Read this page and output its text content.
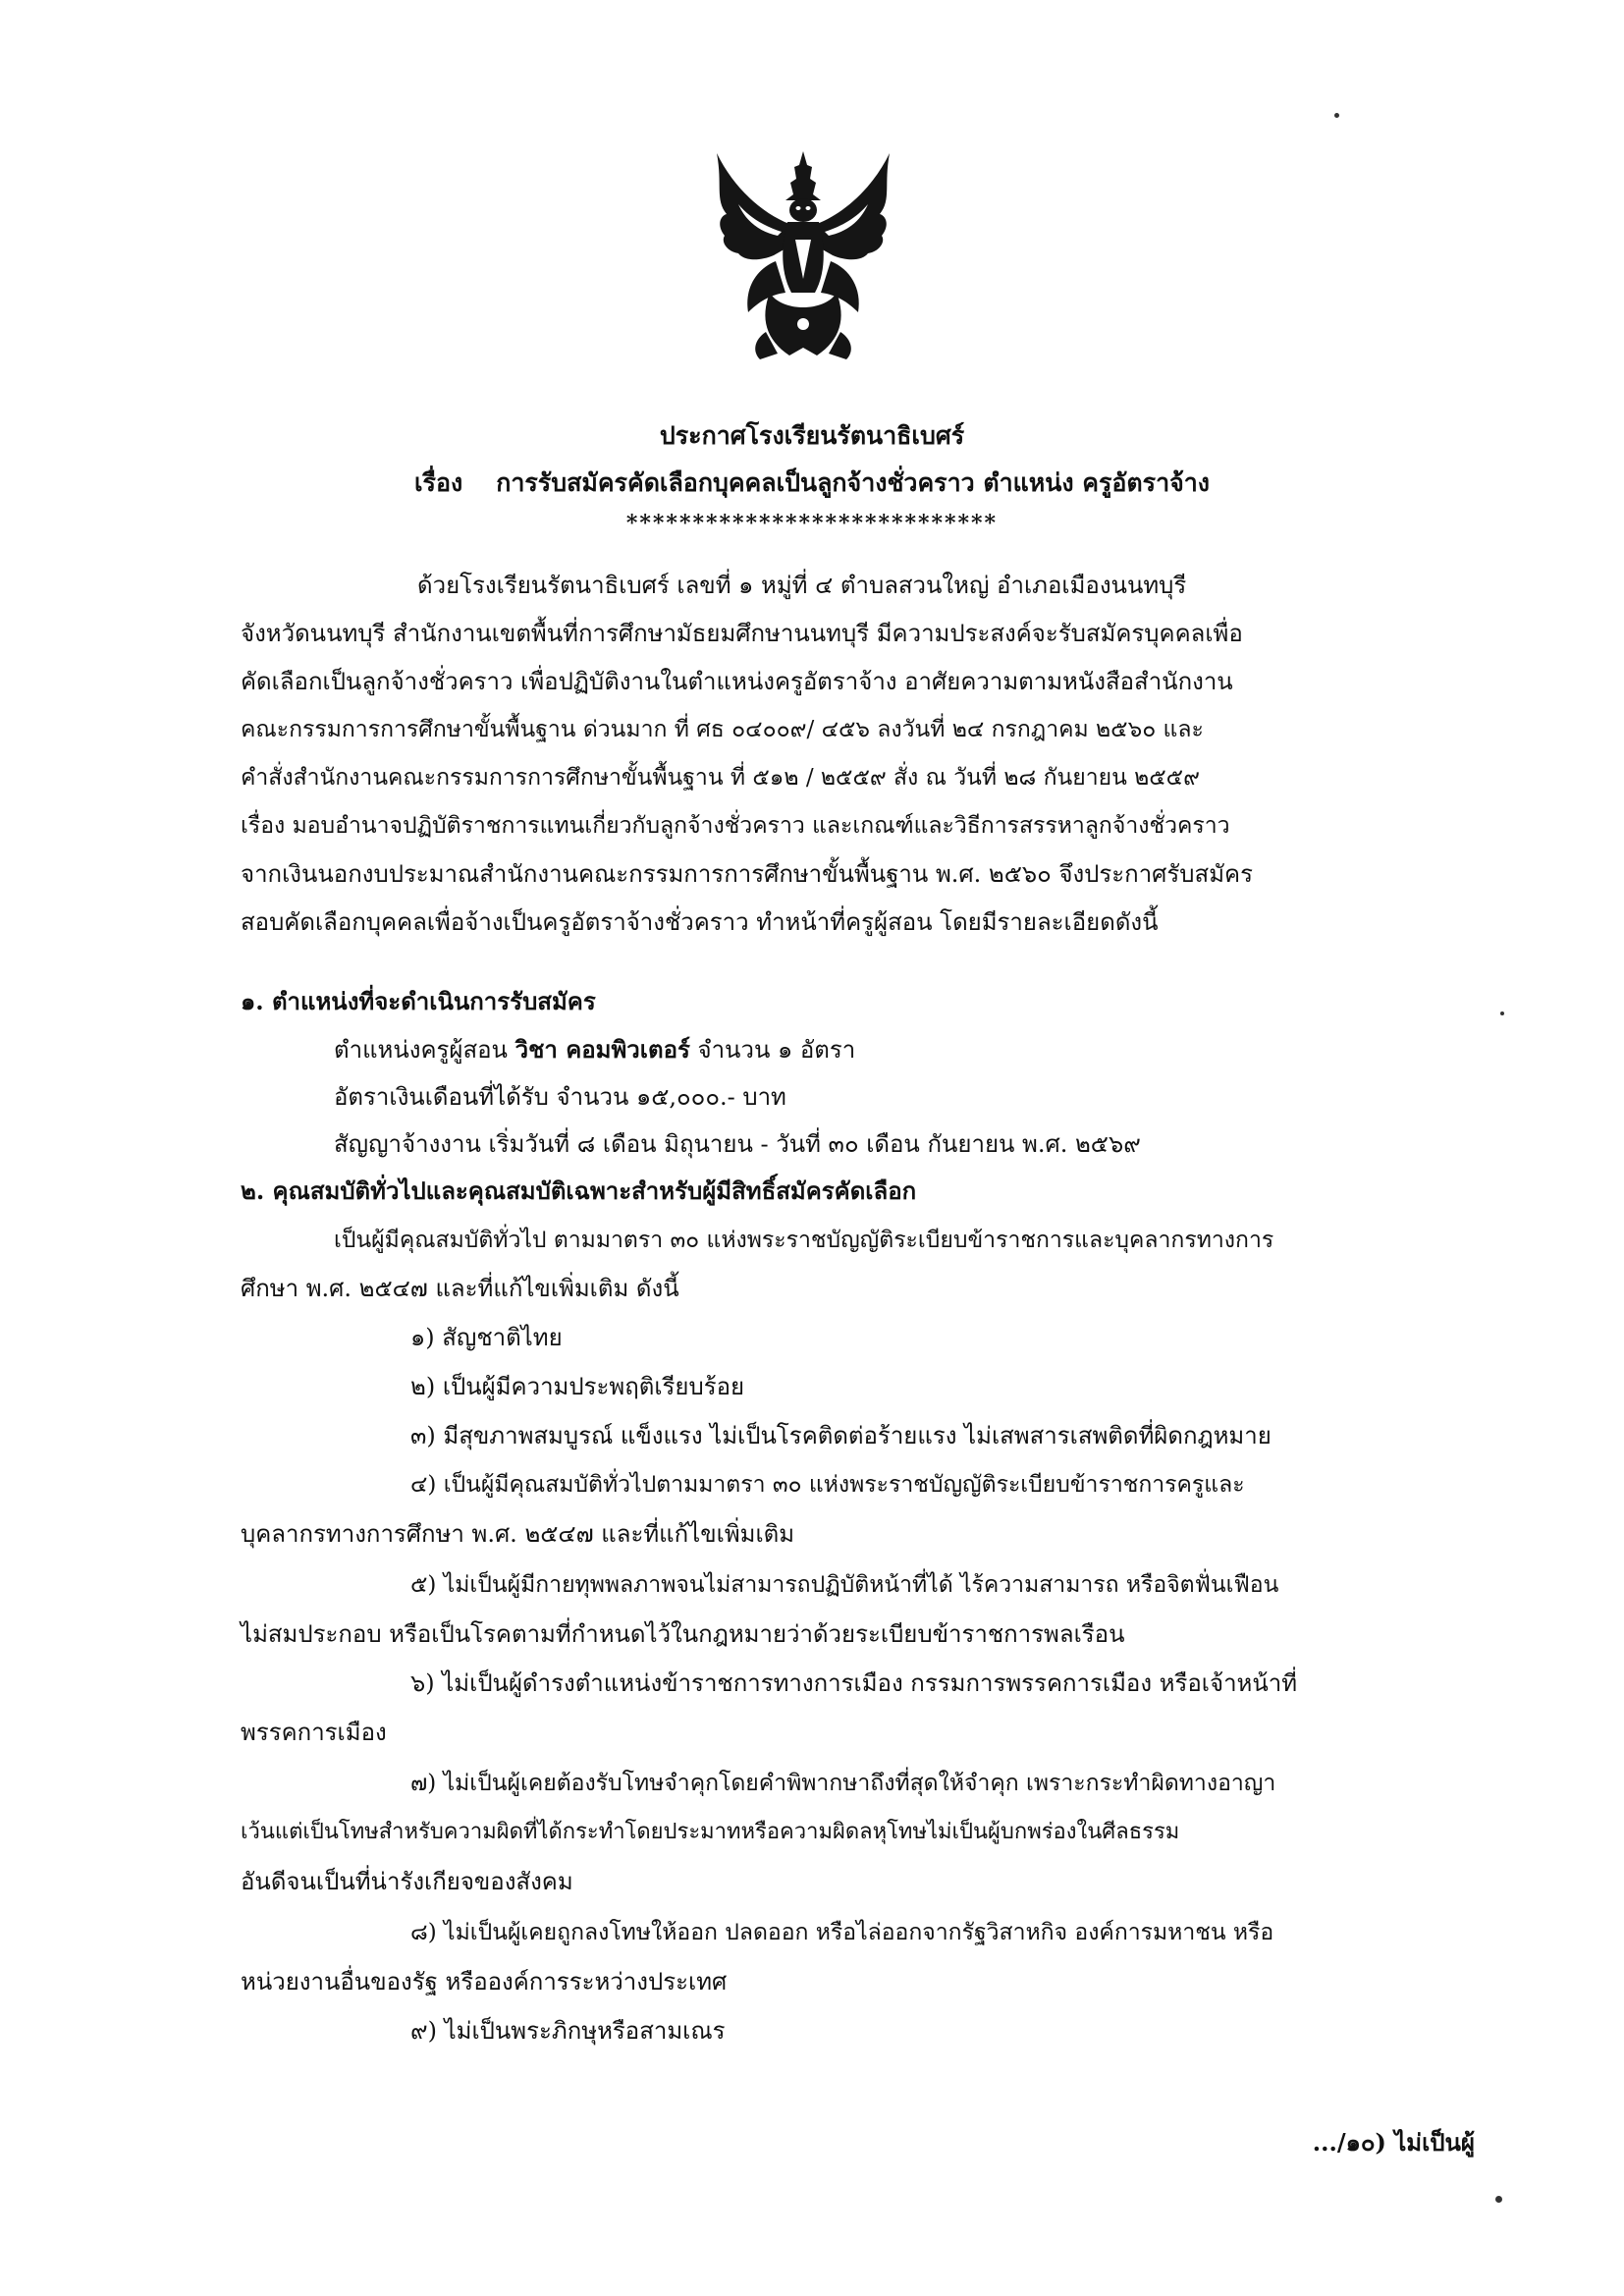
ประกาศโรงเรียนรัตนาธิเบศร์
เรื่อง การรับสมัครคัดเลือกบุคคลเป็นลูกจ้างชั่วคราว ตำแหน่ง ครูอัตราจ้าง
****************************
ด้วยโรงเรียนรัตนาธิเบศร์ เลขที่ ๑ หมู่ที่ ๔ ตำบลสวนใหญ่ อำเภอเมืองนนทบุรี
จังหวัดนนทบุรี สำนักงานเขตพื้นที่การศึกษามัธยมศึกษานนทบุรี มีความประสงค์จะรับสมัครบุคคลเพื่อ
คัดเลือกเป็นลูกจ้างชั่วคราว เพื่อปฏิบัติงานในตำแหน่งครูอัตราจ้าง อาศัยความตามหนังสือสำนักงาน
คณะกรรมการการศึกษาขั้นพื้นฐาน ด่วนมาก ที่ ศธ ๐๔๐๐๙/ ๔๕๖ ลงวันที่ ๒๔ กรกฎาคม ๒๕๖๐ และ
คำสั่งสำนักงานคณะกรรมการการศึกษาขั้นพื้นฐาน ที่ ๕๑๒ / ๒๕๕๙ สั่ง ณ วันที่ ๒๘ กันยายน ๒๕๕๙
เรื่อง มอบอำนาจปฏิบัติราชการแทนเกี่ยวกับลูกจ้างชั่วคราว และเกณฑ์และวิธีการสรรหาลูกจ้างชั่วคราว
จากเงินนอกงบประมาณสำนักงานคณะกรรมการการศึกษาขั้นพื้นฐาน พ.ศ. ๒๕๖๐ จึงประกาศรับสมัคร
สอบคัดเลือกบุคคลเพื่อจ้างเป็นครูอัตราจ้างชั่วคราว ทำหน้าที่ครูผู้สอน โดยมีรายละเอียดดังนี้
๑. ตำแหน่งที่จะดำเนินการรับสมัคร
ตำแหน่งครูผู้สอน วิชา คอมพิวเตอร์ จำนวน ๑ อัตรา
อัตราเงินเดือนที่ได้รับ จำนวน ๑๕,๐๐๐.- บาท
สัญญาจ้างงาน เริ่มวันที่ ๘ เดือน มิถุนายน - วันที่ ๓๐ เดือน กันยายน พ.ศ. ๒๕๖๙
๒. คุณสมบัติทั่วไปและคุณสมบัติเฉพาะสำหรับผู้มีสิทธิ์สมัครคัดเลือก
เป็นผู้มีคุณสมบัติทั่วไป ตามมาตรา ๓๐ แห่งพระราชบัญญัติระเบียบข้าราชการและบุคลากรทางการ
ศึกษา พ.ศ. ๒๕๔๗ และที่แก้ไขเพิ่มเติม ดังนี้
๑) สัญชาติไทย
๒) เป็นผู้มีความประพฤติเรียบร้อย
๓) มีสุขภาพสมบูรณ์ แข็งแรง ไม่เป็นโรคติดต่อร้ายแรง ไม่เสพสารเสพติดที่ผิดกฎหมาย
๔) เป็นผู้มีคุณสมบัติทั่วไปตามมาตรา ๓๐ แห่งพระราชบัญญัติระเบียบข้าราชการครูและ
บุคลากรทางการศึกษา พ.ศ. ๒๕๔๗ และที่แก้ไขเพิ่มเติม
๕) ไม่เป็นผู้มีกายทุพพลภาพจนไม่สามารถปฏิบัติหน้าที่ได้ ไร้ความสามารถ หรือจิตฟั่นเฟือน
ไม่สมประกอบ หรือเป็นโรคตามที่กำหนดไว้ในกฎหมายว่าด้วยระเบียบข้าราชการพลเรือน
๖) ไม่เป็นผู้ดำรงตำแหน่งข้าราชการทางการเมือง กรรมการพรรคการเมือง หรือเจ้าหน้าที่
พรรคการเมือง
๗) ไม่เป็นผู้เคยต้องรับโทษจำคุกโดยคำพิพากษาถึงที่สุดให้จำคุก เพราะกระทำผิดทางอาญา
เว้นแต่เป็นโทษสำหรับความผิดที่ได้กระทำโดยประมาทหรือความผิดลหุโทษไม่เป็นผู้บกพร่องในศีลธรรม
อันดีจนเป็นที่น่ารังเกียจของสังคม
๘) ไม่เป็นผู้เคยถูกลงโทษให้ออก ปลดออก หรือไล่ออกจากรัฐวิสาหกิจ องค์การมหาชน หรือ
หน่วยงานอื่นของรัฐ หรือองค์การระหว่างประเทศ
๙) ไม่เป็นพระภิกษุหรือสามเณร
.../๑๐) ไม่เป็นผู้
